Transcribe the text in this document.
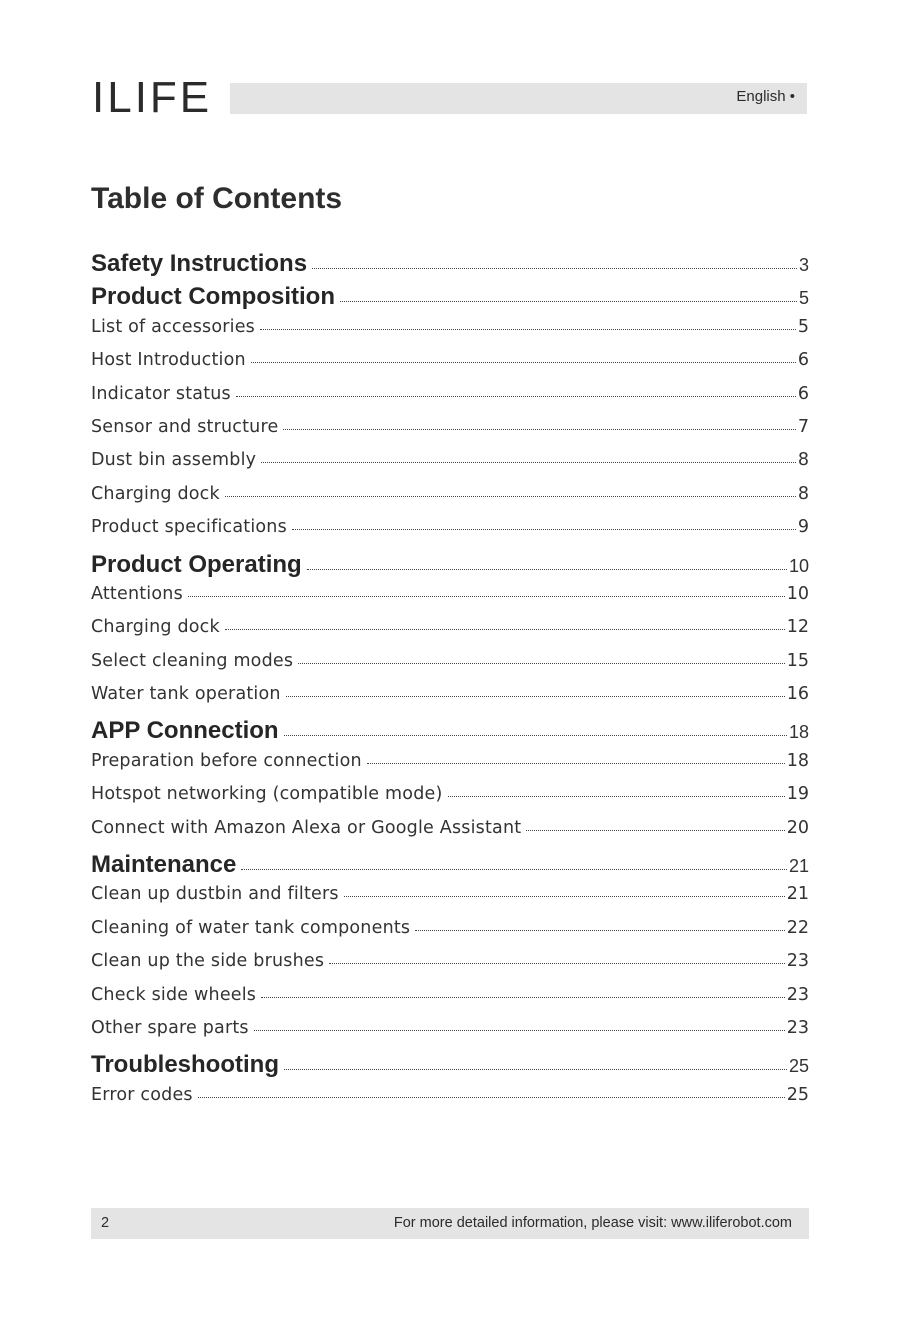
ILIFE	English •
Table of Contents
Safety Instructions	3
Product Composition	5
List of accessories	5
Host Introduction	6
Indicator status	6
Sensor and structure	7
Dust bin assembly	8
Charging dock	8
Product specifications	9
Product Operating	10
Attentions	10
Charging dock	12
Select cleaning modes	15
Water tank operation	16
APP Connection	18
Preparation before connection	18
Hotspot networking (compatible mode)	19
Connect with Amazon Alexa or Google Assistant	20
Maintenance	21
Clean up dustbin and filters	21
Cleaning of water tank components	22
Clean up the side brushes	23
Check side wheels	23
Other spare parts	23
Troubleshooting	25
Error codes	25
2	For more detailed information, please visit: www.iliferobot.com
